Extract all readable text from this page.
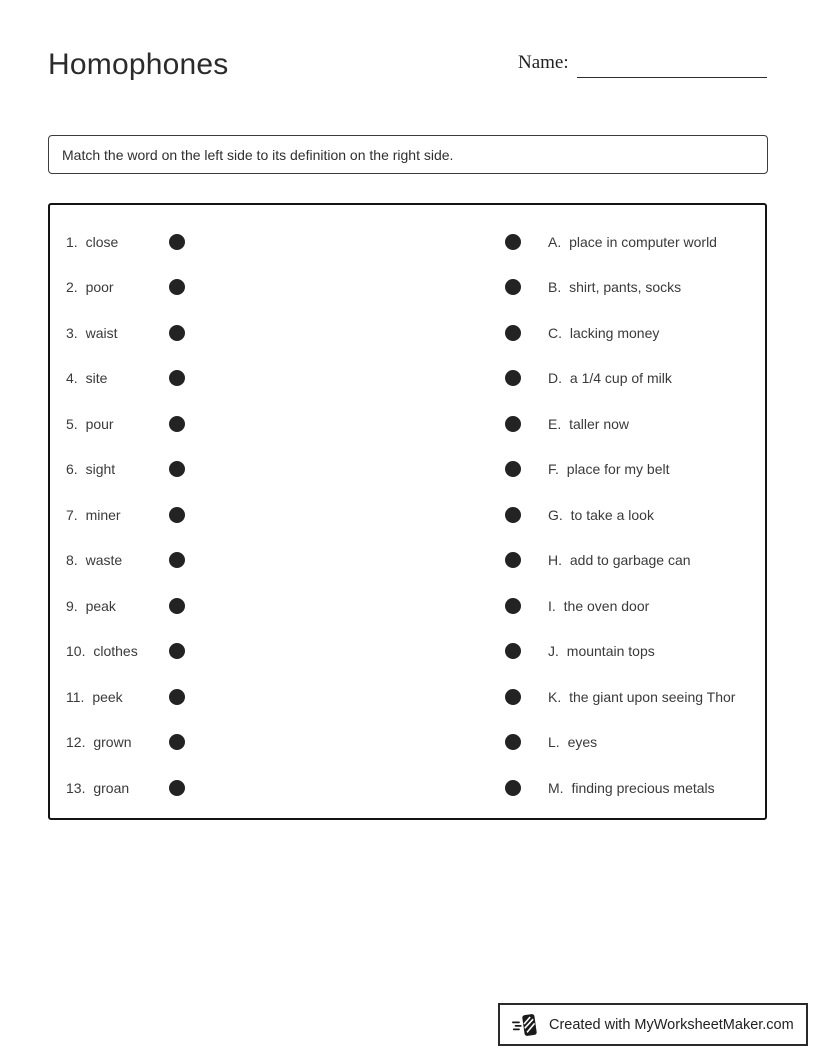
Homophones	Name:
Match the word on the left side to its definition on the right side.
1. close	A. place in computer world
2. poor	B. shirt, pants, socks
3. waist	C. lacking money
4. site	D. a 1/4 cup of milk
5. pour	E. taller now
6. sight	F. place for my belt
7. miner	G. to take a look
8. waste	H. add to garbage can
9. peak	I. the oven door
10. clothes	J. mountain tops
11. peek	K. the giant upon seeing Thor
12. grown	L. eyes
13. groan	M. finding precious metals
Created with MyWorksheetMaker.com
